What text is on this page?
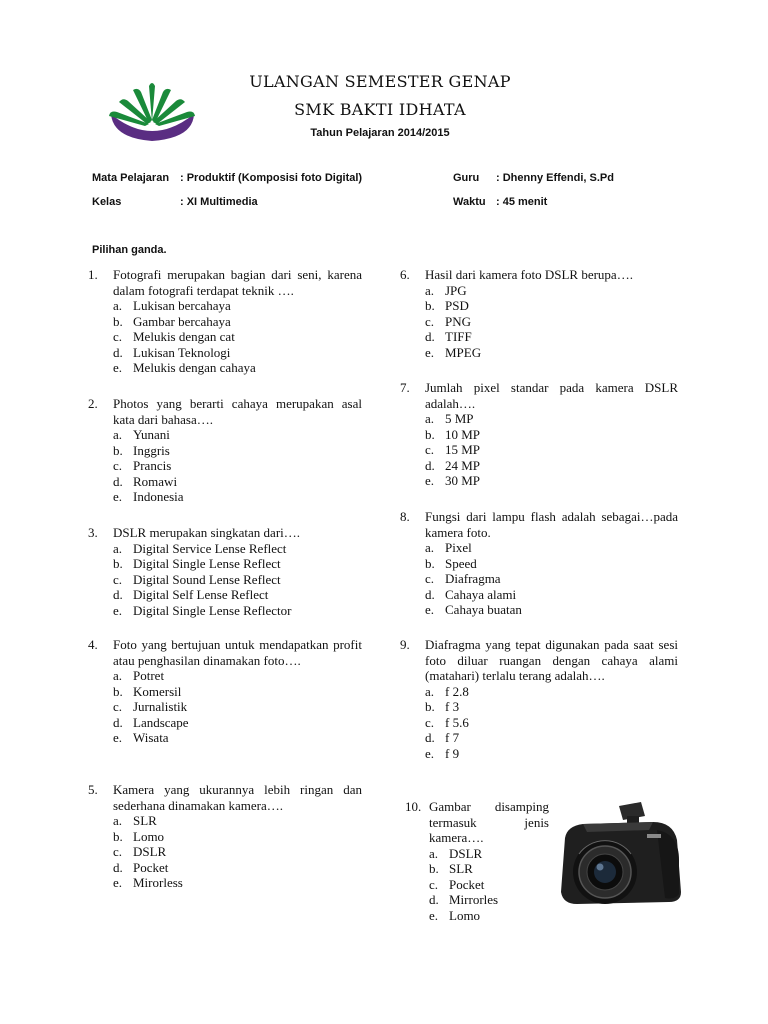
ULANGAN SEMESTER GENAP
SMK BAKTI IDHATA
Tahun Pelajaran 2014/2015
Mata Pelajaran : Produktif (Komposisi foto Digital)	Guru : Dhenny Effendi, S.Pd
Kelas	: XI Multimedia	Waktu : 45 menit
Pilihan ganda.
1. Fotografi merupakan bagian dari seni, karena dalam fotografi terdapat teknik ….
a. Lukisan bercahaya
b. Gambar bercahaya
c. Melukis dengan cat
d. Lukisan Teknologi
e. Melukis dengan cahaya
2. Photos yang berarti cahaya merupakan asal kata dari bahasa….
a. Yunani
b. Inggris
c. Prancis
d. Romawi
e. Indonesia
3. DSLR merupakan singkatan dari….
a. Digital Service Lense Reflect
b. Digital Single Lense Reflect
c. Digital Sound Lense Reflect
d. Digital Self Lense Reflect
e. Digital Single Lense Reflector
4. Foto yang bertujuan untuk mendapatkan profit atau penghasilan dinamakan foto….
a. Potret
b. Komersil
c. Jurnalistik
d. Landscape
e. Wisata
5. Kamera yang ukurannya lebih ringan dan sederhana dinamakan kamera….
a. SLR
b. Lomo
c. DSLR
d. Pocket
e. Mirorless
6. Hasil dari kamera foto DSLR berupa….
a. JPG
b. PSD
c. PNG
d. TIFF
e. MPEG
7. Jumlah pixel standar pada kamera DSLR adalah….
a. 5 MP
b. 10 MP
c. 15 MP
d. 24 MP
e. 30 MP
8. Fungsi dari lampu flash adalah sebagai…pada kamera foto.
a. Pixel
b. Speed
c. Diafragma
d. Cahaya alami
e. Cahaya buatan
9. Diafragma yang tepat digunakan pada saat sesi foto diluar ruangan dengan cahaya alami (matahari) terlalu terang adalah….
a. f 2.8
b. f 3
c. f 5.6
d. f 7
e. f 9
10. Gambar disamping termasuk jenis kamera….
a. DSLR
b. SLR
c. Pocket
d. Mirrorles
e. Lomo
